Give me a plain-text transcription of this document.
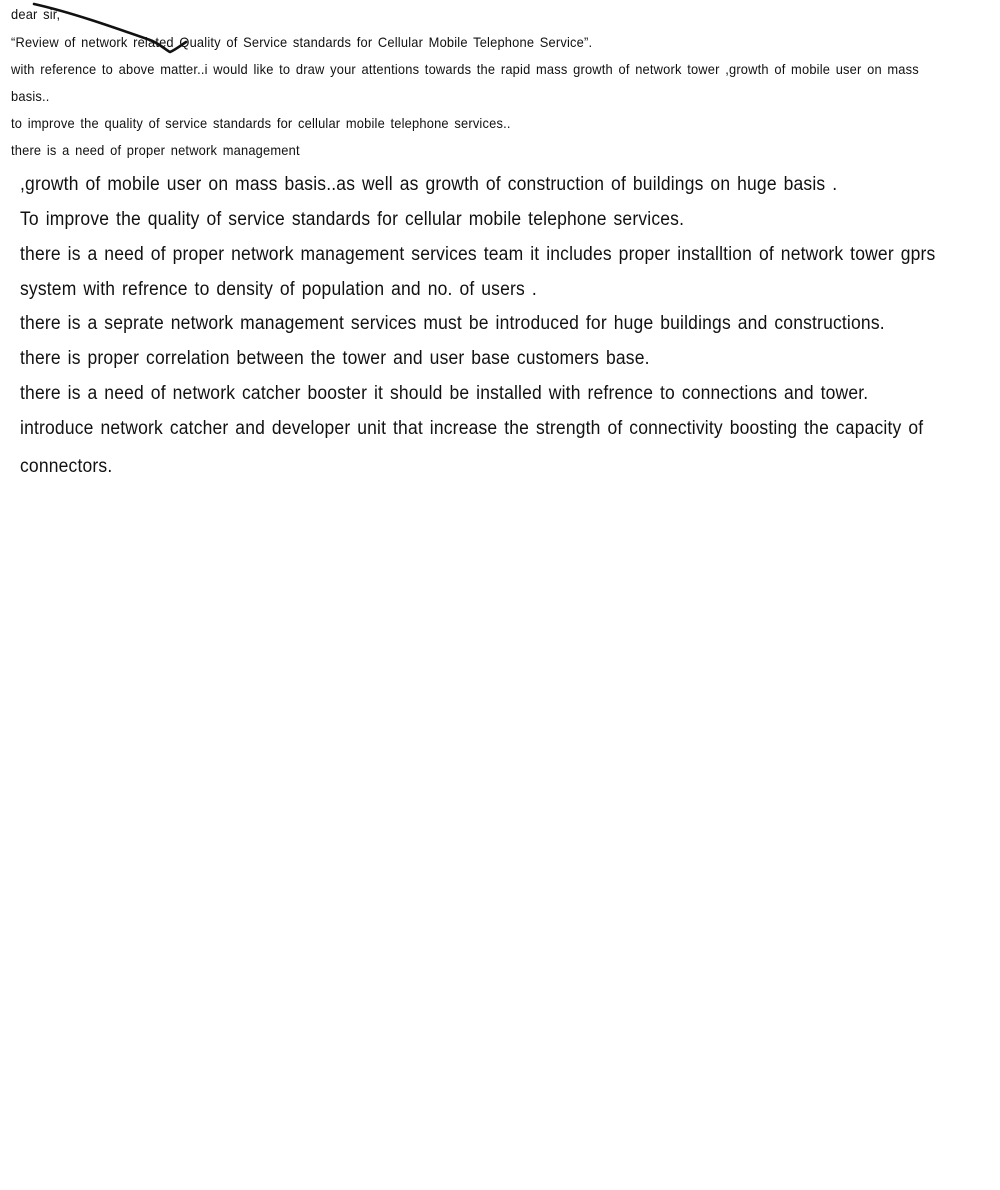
dear sir,

“Review of network related Quality of Service standards for Cellular Mobile Telephone Service”.

with reference to above matter..i would like to draw your attentions towards the rapid mass growth of network tower ,growth of mobile user on mass

basis..

to improve the quality of service standards for cellular mobile telephone services..

there is a need of proper network management

,growth of mobile user on mass basis..as well as growth of construction of buildings on huge basis .

To improve the quality of service standards for cellular mobile telephone services.

there is a need of proper network management services team it includes proper installtion of network tower gprs

system with refrence to density of population and no. of users .

there is a seprate network management services must be introduced for huge buildings and constructions.

there is proper correlation between the tower and user base customers base.

there is a need of network catcher booster it should be installed with refrence to connections and tower.

introduce network catcher and developer unit that increase the strength of connectivity boosting the capacity of

connectors.
